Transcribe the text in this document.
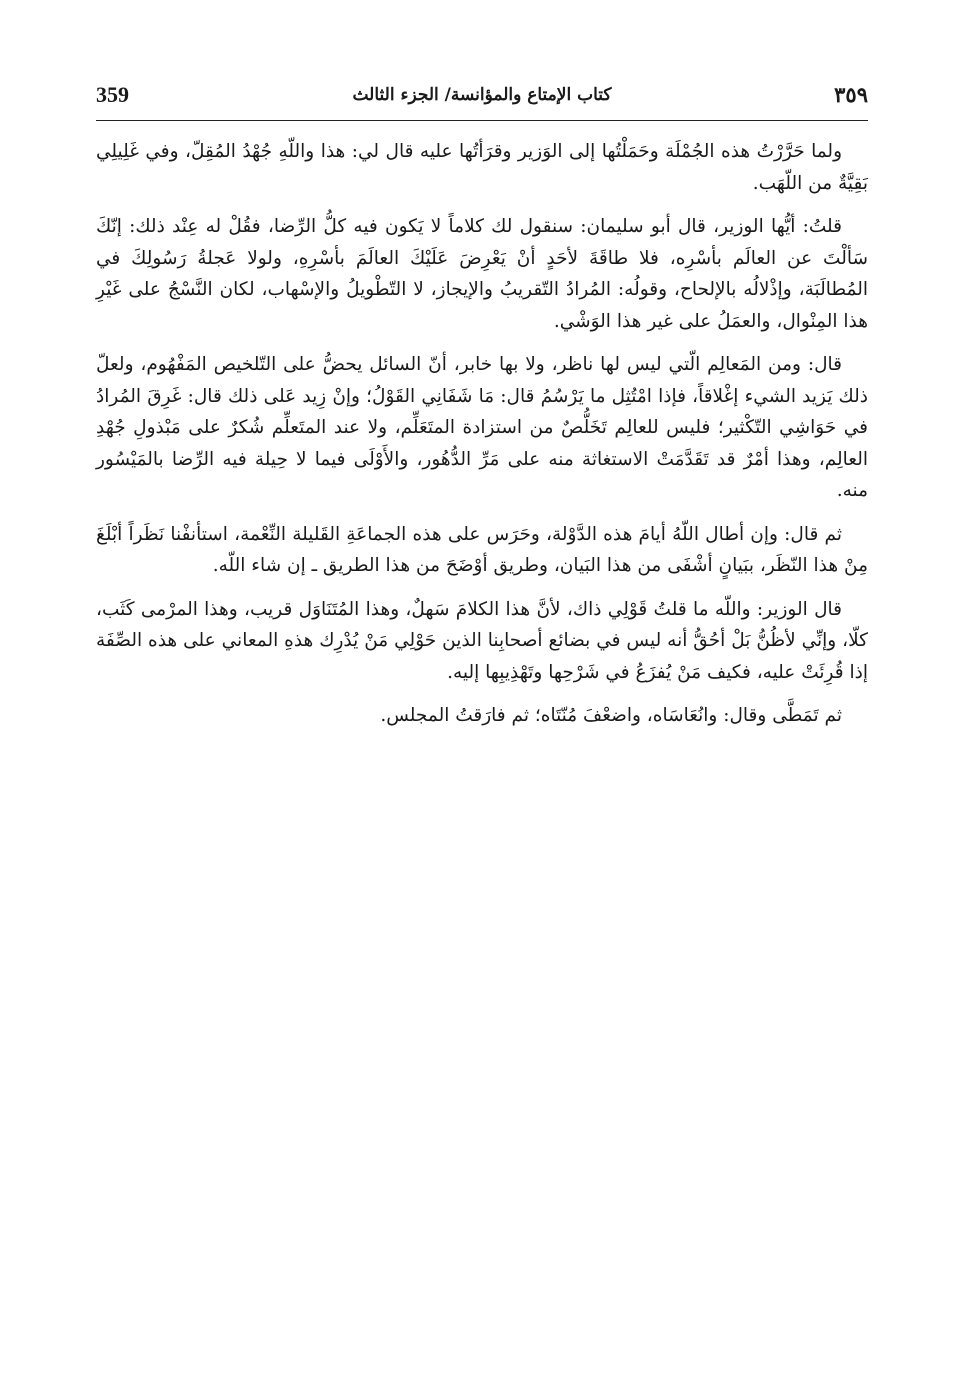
359	كتاب الإمتاع والمؤانسة/ الجزء الثالث	٣٥٩

ولما حَرَّرْتُ هذه الجُمْلَة وحَمَلْتُها إلى الوَزير وقرَأتُها عليه قال لي: هذا واللّهِ جُهْدُ المُقِلّ، وفي غَلِيلِي بَقِيَّةٌ من اللّهَب.

قلتُ: أيُّها الوزير، قال أبو سليمان: سنقول لك كلاماً لا يَكون فيه كلُّ الرِّضا، فقُلْ له عِنْد ذلك: إنّكَ سَألْتَ عن العالَم بأسْرِه، فلا طاقَةَ لأحَدٍ أنْ يَعْرِضَ عَلَيْكَ العالَمَ بأسْرِهِ، ولولا عَجلةُ رَسُولِكَ في المُطالَبَة، وإذْلالُه بالإلحاح، وقولُه: المُرادُ التّقريبُ والإيجاز، لا التّطْويلُ والإسْهاب، لكان النَّسْجُ على غَيْرِ هذا المِنْوال، والعمَلُ على غير هذا الوَشْي.

قال: ومن المَعالِم الّتي ليس لها ناظر، ولا بها خابر، أنّ السائل يحضُّ على التّلخيص المَفْهُوم، ولعلّ ذلك يَزيد الشيء إغْلاقاً، فإذا امْتُثِل ما يَرْسُمُ قال: مَا شَفَانِي القَوْلُ؛ وإنْ زِيد عَلى ذلك قال: غَرِقَ المُرادُ في حَوَاشِي التّكْثير؛ فليس للعالِم تَخَلُّصٌ من استزادة المتَعَلِّم، ولا عند المتَعلِّم شُكرٌ على مَبْذولِ جُهْدِ العالِم، وهذا أمْرٌ قد تَقَدَّمَتْ الاستغاثة منه على مَرِّ الدُّهُور، والأَوْلَى فيما لا حِيلة فيه الرِّضا بالمَيْسُور منه.

ثم قال: وإن أطال اللّهُ أيامَ هذه الدَّوْلة، وحَرَس على هذه الجماعَةِ القَليلة النِّعْمة، استأنفْنا نَظَراً أبْلَغَ مِنْ هذا النّظَر، ببَيانٍ أشْفَى من هذا البَيان، وطريق أوْضَحَ من هذا الطريق ـ إن شاء اللّه.

قال الوزير: واللّه ما قلتُ قَوْلِي ذاك، لأنَّ هذا الكلامَ سَهلٌ، وهذا المُتَنَاوَل قريب، وهذا المرْمى كَثَب، كلّا، وإنِّي لأظُنُّ بَلْ أحُقُّ أنه ليس في بضائع أصحابِنا الذين حَوْلِي مَنْ يُدْرِك هذهِ المعاني على هذه الصِّفَة إذا قُرِئَتْ عليه، فكيف مَنْ يُفزَعُ في شَرْحِها وتَهْذِيبِها إليه.

ثم تَمَطَّى وقال: وانُعَاسَاه، واضعْفَ مُنّتَاه؛ ثم فارَقتُ المجلس.
